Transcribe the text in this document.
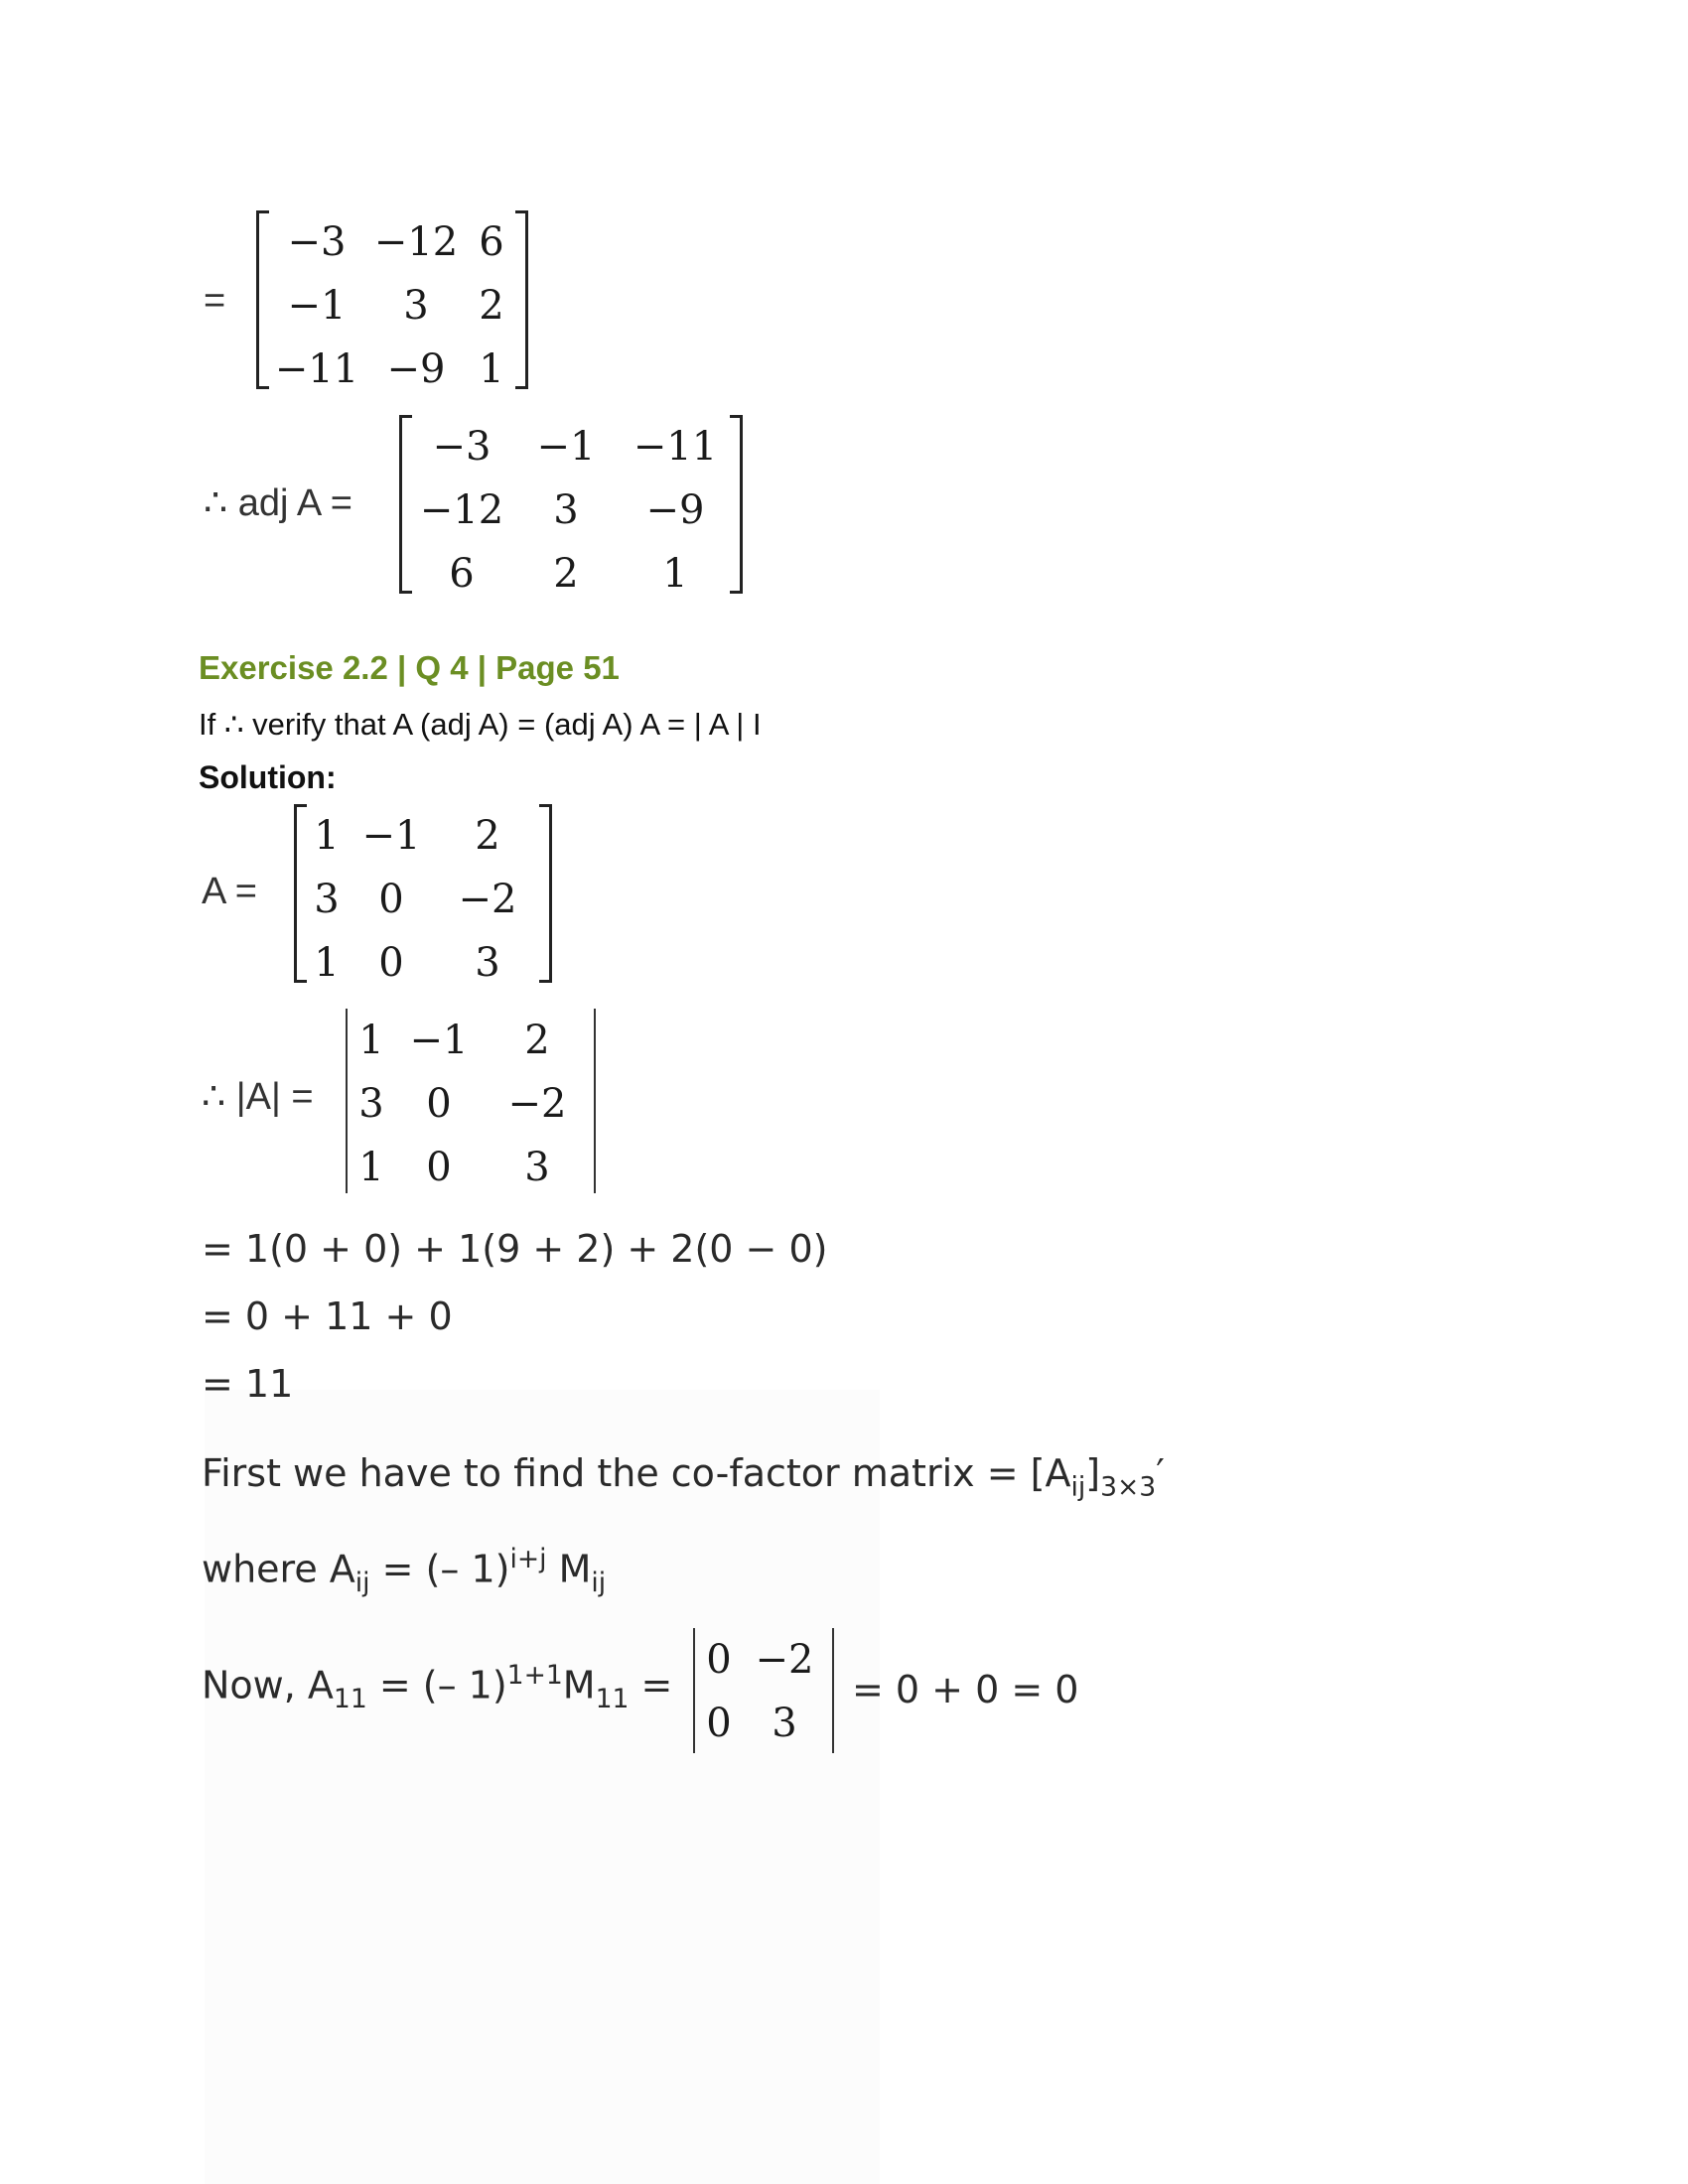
=
−3 −12 6
−1	3	2
−11 −9 1
∴ adj A =
−3	−1 −11
−12	3	−9
6	2	1
Exercise 2.2 | Q 4 | Page 51
If ∴ verify that A (adj A) = (adj A) A = | A | I
Solution:
A =
1 −1	2
3 0	−2
1 0	3
∴ |A| =
1 −1	2
3	0	−2
1	0	3
= 1(0 + 0) + 1(9 + 2) + 2(0 − 0)
= 0 + 11 + 0
= 11
First we have to find the co-factor matrix = $[A_{ij}]_{3\times 3}'$
where $A_{ij}$ = (– 1)$^{i+j}$ $M_{ij}$
Now, $A_{11}$ = (– $1)^{1+1}M_{11}$ =
0 −2
0	3
= 0 + 0 = 0
